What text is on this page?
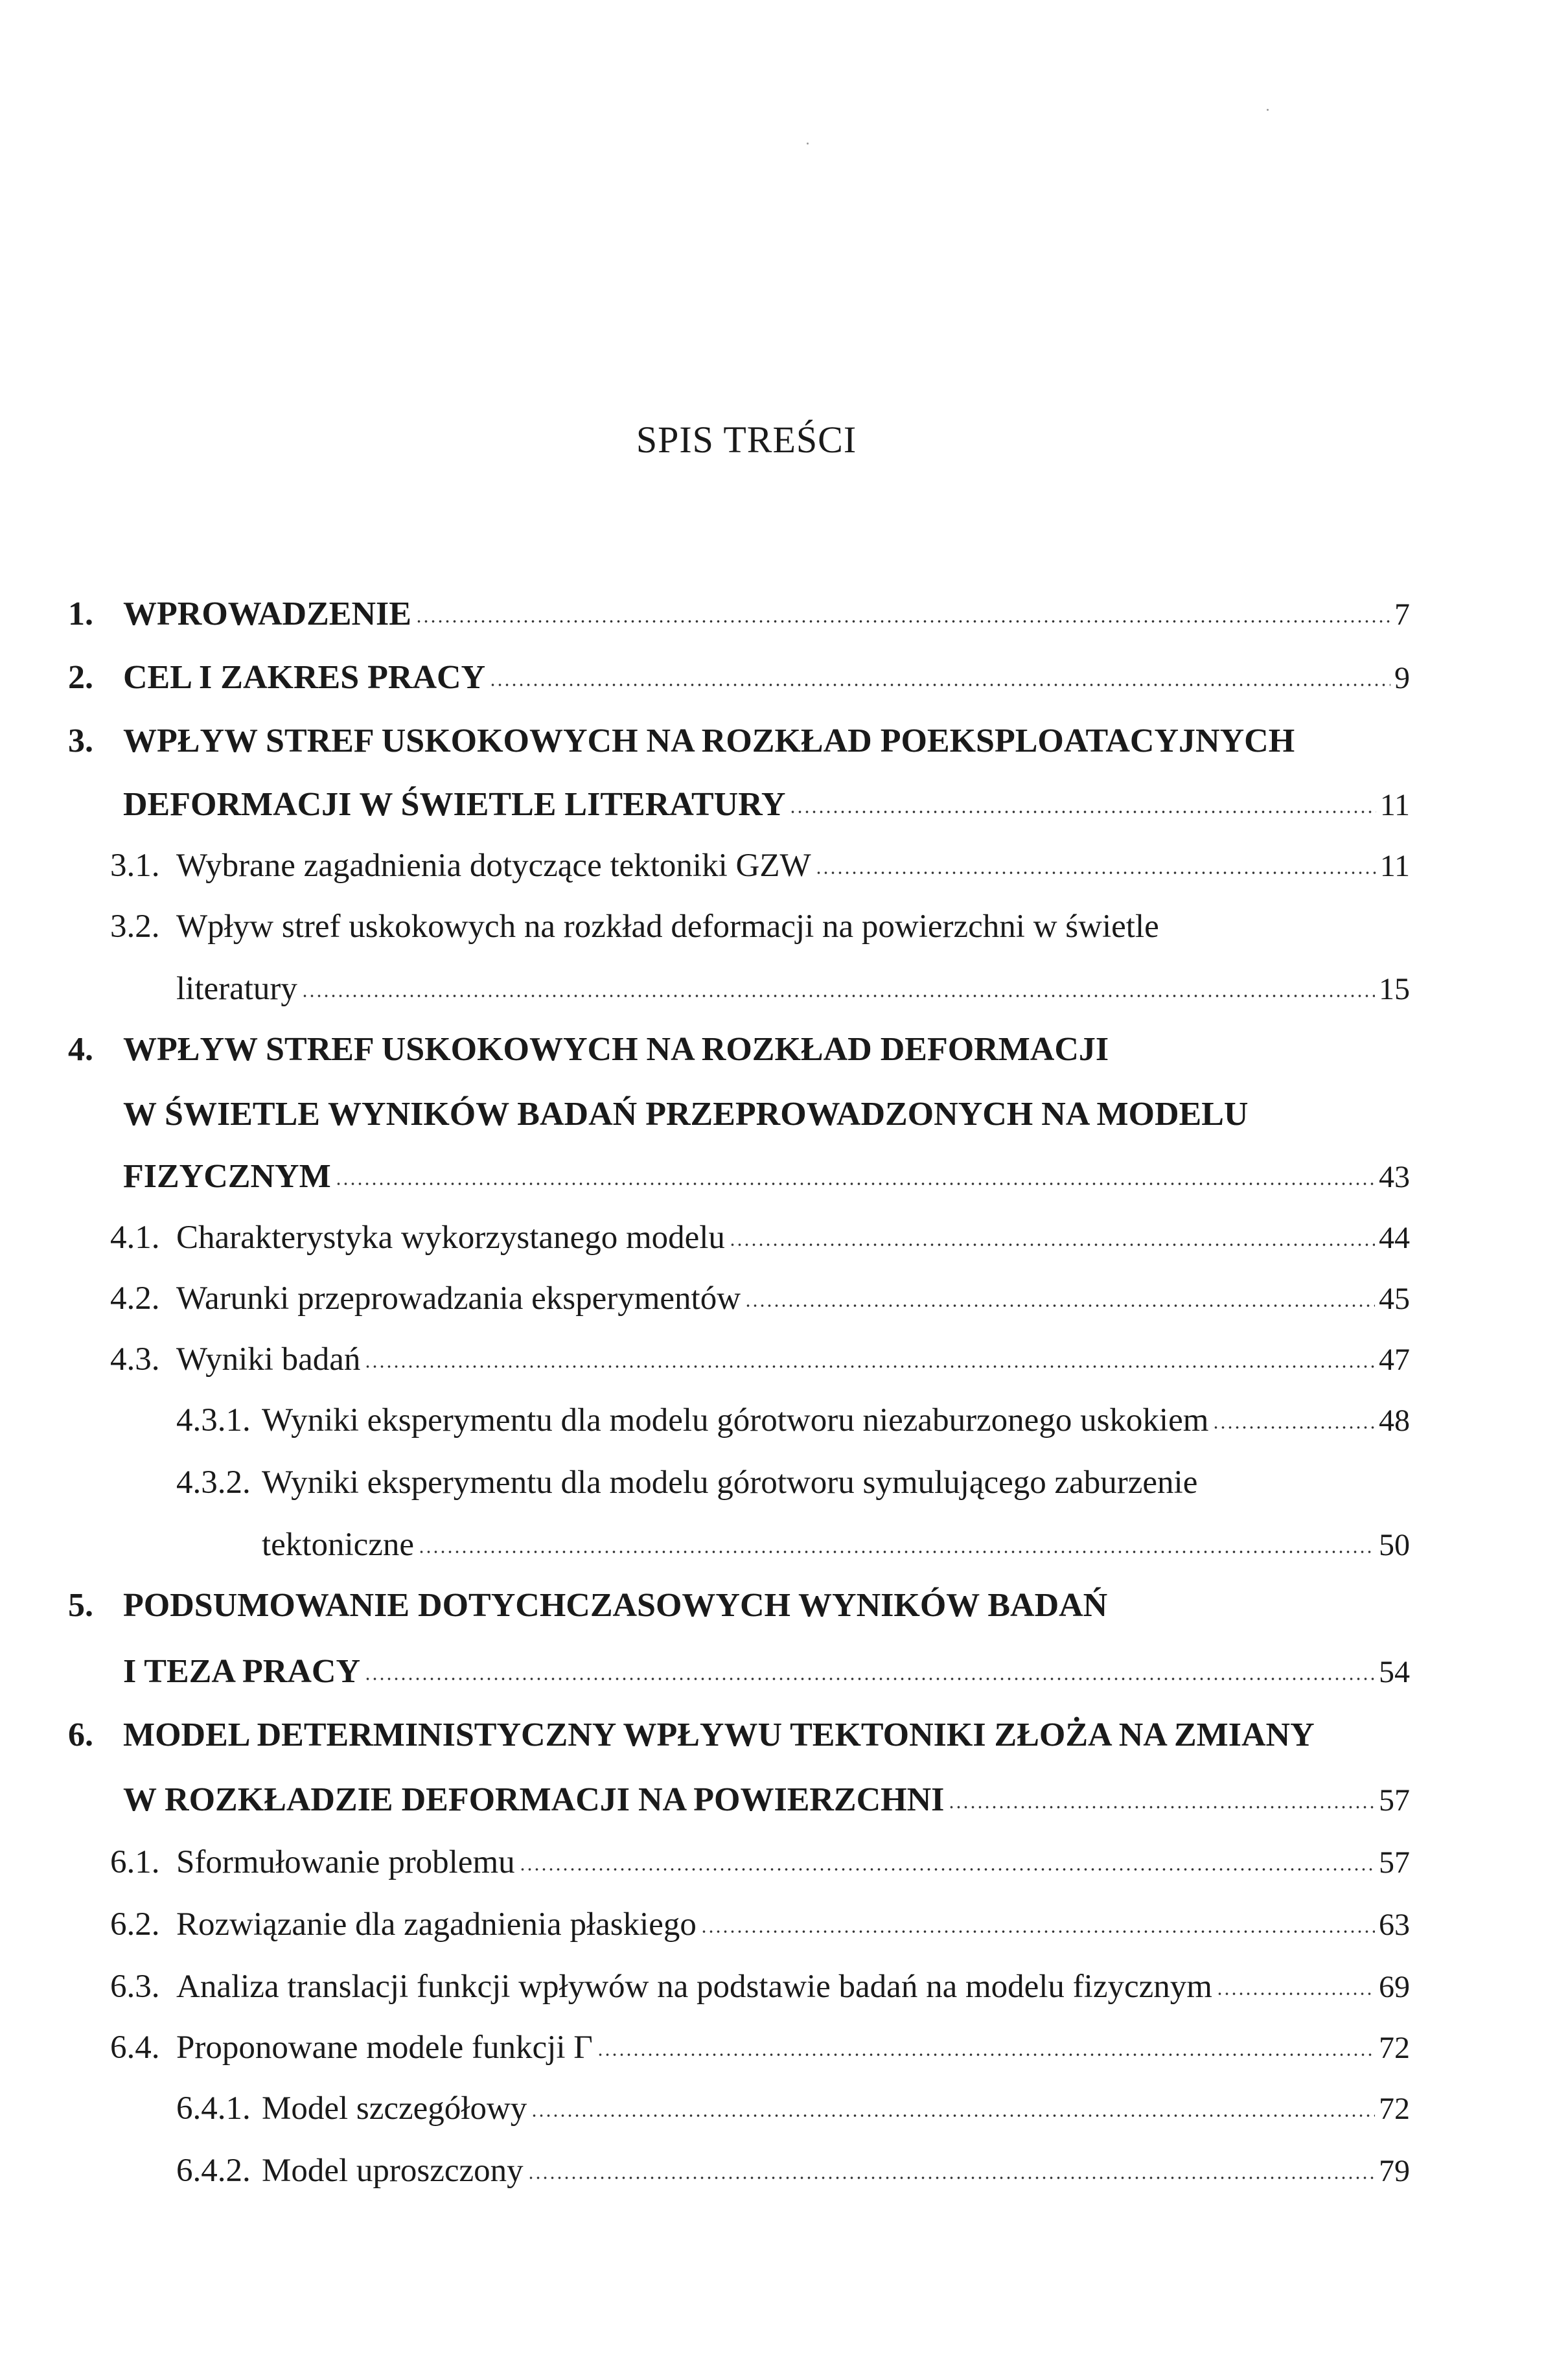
SPIS TREŚCI
1. WPROWADZENIE	7
2. CEL I ZAKRES PRACY	9
3. WPŁYW STREF USKOKOWYCH NA ROZKŁAD POEKSPLOATACYJNYCH
DEFORMACJI W ŚWIETLE LITERATURY	11
3.1. Wybrane zagadnienia dotyczące tektoniki GZW	11
3.2. Wpływ stref uskokowych na rozkład deformacji na powierzchni w świetle
literatury	15
4. WPŁYW STREF USKOKOWYCH NA ROZKŁAD DEFORMACJI
W ŚWIETLE WYNIKÓW BADAŃ PRZEPROWADZONYCH NA MODELU
FIZYCZNYM	43
4.1. Charakterystyka wykorzystanego modelu	44
4.2. Warunki przeprowadzania eksperymentów	45
4.3. Wyniki badań	47
4.3.1. Wyniki eksperymentu dla modelu górotworu niezaburzonego uskokiem	48
4.3.2. Wyniki eksperymentu dla modelu górotworu symulującego zaburzenie
tektoniczne	50
5. PODSUMOWANIE DOTYCHCZASOWYCH WYNIKÓW BADAŃ
I TEZA PRACY	54
6. MODEL DETERMINISTYCZNY WPŁYWU TEKTONIKI ZŁOŻA NA ZMIANY
W ROZKŁADZIE DEFORMACJI NA POWIERZCHNI	57
6.1. Sformułowanie problemu	57
6.2. Rozwiązanie dla zagadnienia płaskiego	63
6.3. Analiza translacji funkcji wpływów na podstawie badań na modelu fizycznym	69
6.4. Proponowane modele funkcji Γ	72
6.4.1. Model szczegółowy	72
6.4.2. Model uproszczony	79
